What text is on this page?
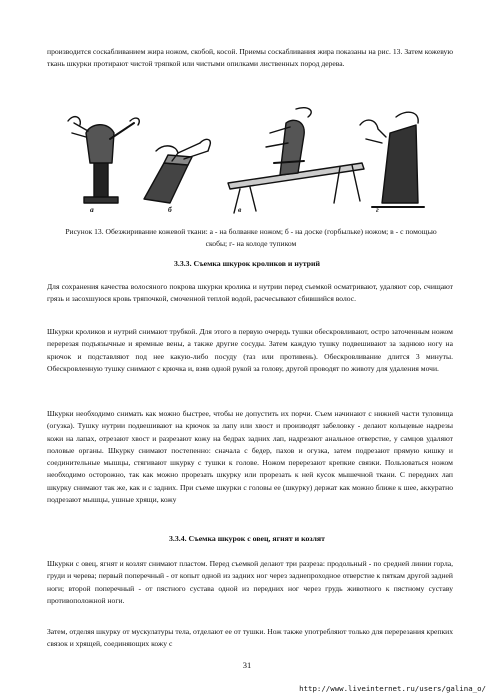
производится соскабливанием жира ножом, скобой, косой. Приемы соскабливания жира показаны на рис. 13. Затем кожевую ткань шкурки протирают чистой тряпкой или чистыми опилками лиственных пород дерева.

а	б	в	г

Рисунок 13. Обезжиривание кожевой ткани: а - на болванке ножом; б - на доске (горбыльке) ножом; в - с помощью скобы; г- на колоде тупиком

3.3.3. Съемка шкурок кроликов и нутрий

Для сохранения качества волосяного покрова шкурки кролика и нутрии перед съемкой осматривают, удаляют сор, счищают грязь и засохшуюся кровь тряпочкой, смоченной теплой водой, расчесывают сбившийся волос.

Шкурки кроликов и нутрий снимают трубкой. Для этого в первую очередь тушки обескровливают, остро заточенным ножом перерезая подъязычные и яремные вены, а также другие сосуды. Затем каждую тушку подвешивают за заднюю ногу на крючок и подставляют под нее какую-либо посуду (таз или противень). Обескровливание длится 3 минуты. Обескровленную тушку снимают с крючка и, взяв одной рукой за голову, другой проводят по животу для удаления мочи.

Шкурки необходимо снимать как можно быстрее, чтобы не допустить их порчи. Съем начинают с нижней части туловища (огузка). Тушку нутрии подвешивают на крючок за лапу или хвост и производят забеловку - делают кольцевые надрезы кожи на лапах, отрезают хвост и разрезают кожу на бедрах задних лап, надрезают анальное отверстие, у самцов удаляют половые органы. Шкурку снимают постепенно: сначала с бедер, пахов и огузка, затем подрезают прямую кишку и соединительные мышцы, стягивают шкурку с тушки к голове. Ножом перерезают крепкие связки. Пользоваться ножом необходимо осторожно, так как можно прорезать шкурку или прорезать к ней кусок мышечной ткани. С передних лап шкурку снимают так же, как и с задних. При съеме шкурки с головы ее (шкурку) держат как можно ближе к шее, аккуратно подрезают мышцы, ушные хрящи, кожу

3.3.4. Съемка шкурок с овец, ягнят и козлят

Шкурки с овец, ягнят и козлят снимают пластом. Перед съемкой делают три разреза: продольный - по средней линии горла, груди и черева; первый поперечный - от копыт одной из задних ног через заднепроходное отверстие к пяткам другой задней ноги; второй поперечный - от пястного сустава одной из передних ног через грудь животного к пястному суставу противоположной ноги.

Затем, отделяя шкурку от мускулатуры тела, отделают ее от тушки. Нож также употребляют только для перерезания крепких связок и хрящей, соединяющих кожу с

31

http://www.liveinternet.ru/users/galina_o/
